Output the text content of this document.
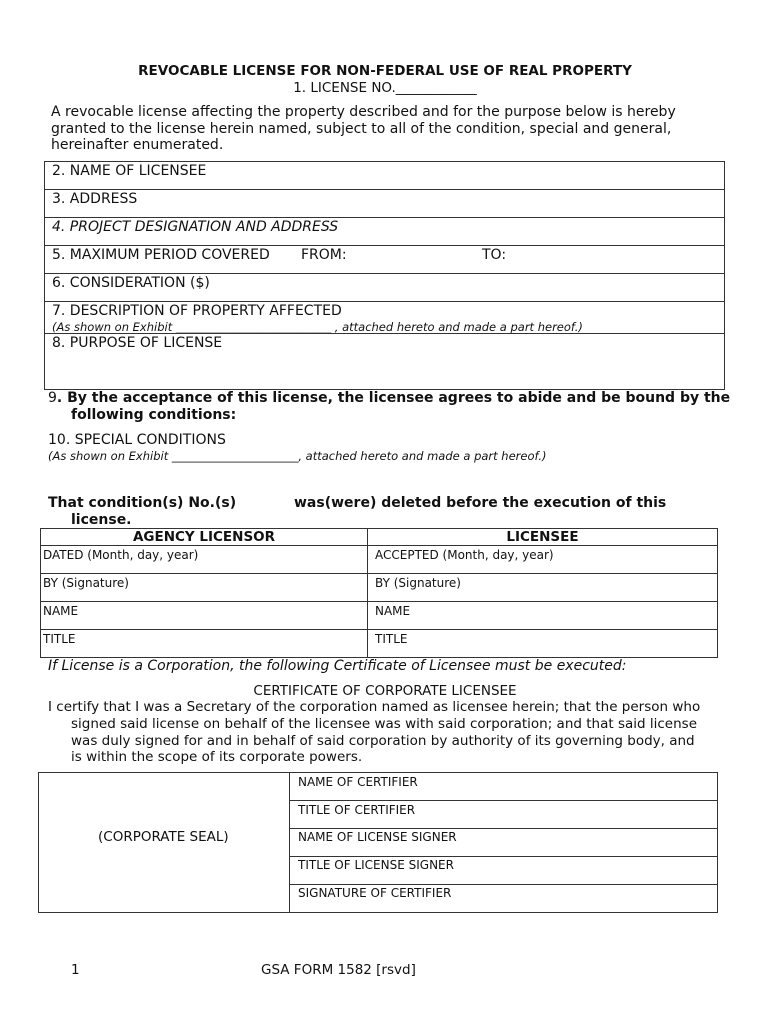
REVOCABLE LICENSE FOR NON-FEDERAL USE OF REAL PROPERTY
1. LICENSE NO.____________
A revocable license affecting the property described and for the purpose below is hereby granted to the license herein named, subject to all of the condition, special and general, hereinafter enumerated.
2. NAME OF LICENSEE
3. ADDRESS
4. PROJECT DESIGNATION AND ADDRESS
5. MAXIMUM PERIOD COVERED FROM:	TO:
6. CONSIDERATION ($)
7. DESCRIPTION OF PROPERTY AFFECTED
(As shown on Exhibit ___________________________ , attached hereto and made a part hereof.)
8. PURPOSE OF LICENSE
9. By the acceptance of this license, the licensee agrees to abide and be bound by the
following conditions:
10. SPECIAL CONDITIONS
(As shown on Exhibit ______________________, attached hereto and made a part hereof.)
That condition(s) No.(s)	was(were) deleted before the execution of this
license.
AGENCY LICENSOR	LICENSEE

DATED (Month, day, year)	ACCEPTED (Month, day, year)

BY (Signature)	BY (Signature)

NAME	NAME

TITLE	TITLE
If License is a Corporation, the following Certificate of Licensee must be executed:
CERTIFICATE OF CORPORATE LICENSEE
I certify that I was a Secretary of the corporation named as licensee herein; that the person who
signed said license on behalf of the licensee was with said corporation; and that said license
was duly signed for and in behalf of said corporation by authority of its governing body, and
is within the scope of its corporate powers.
(CORPORATE SEAL)
NAME OF CERTIFIER
TITLE OF CERTIFIER
NAME OF LICENSE SIGNER
TITLE OF LICENSE SIGNER
SIGNATURE OF CERTIFIER
1	GSA FORM 1582 [rsvd]
